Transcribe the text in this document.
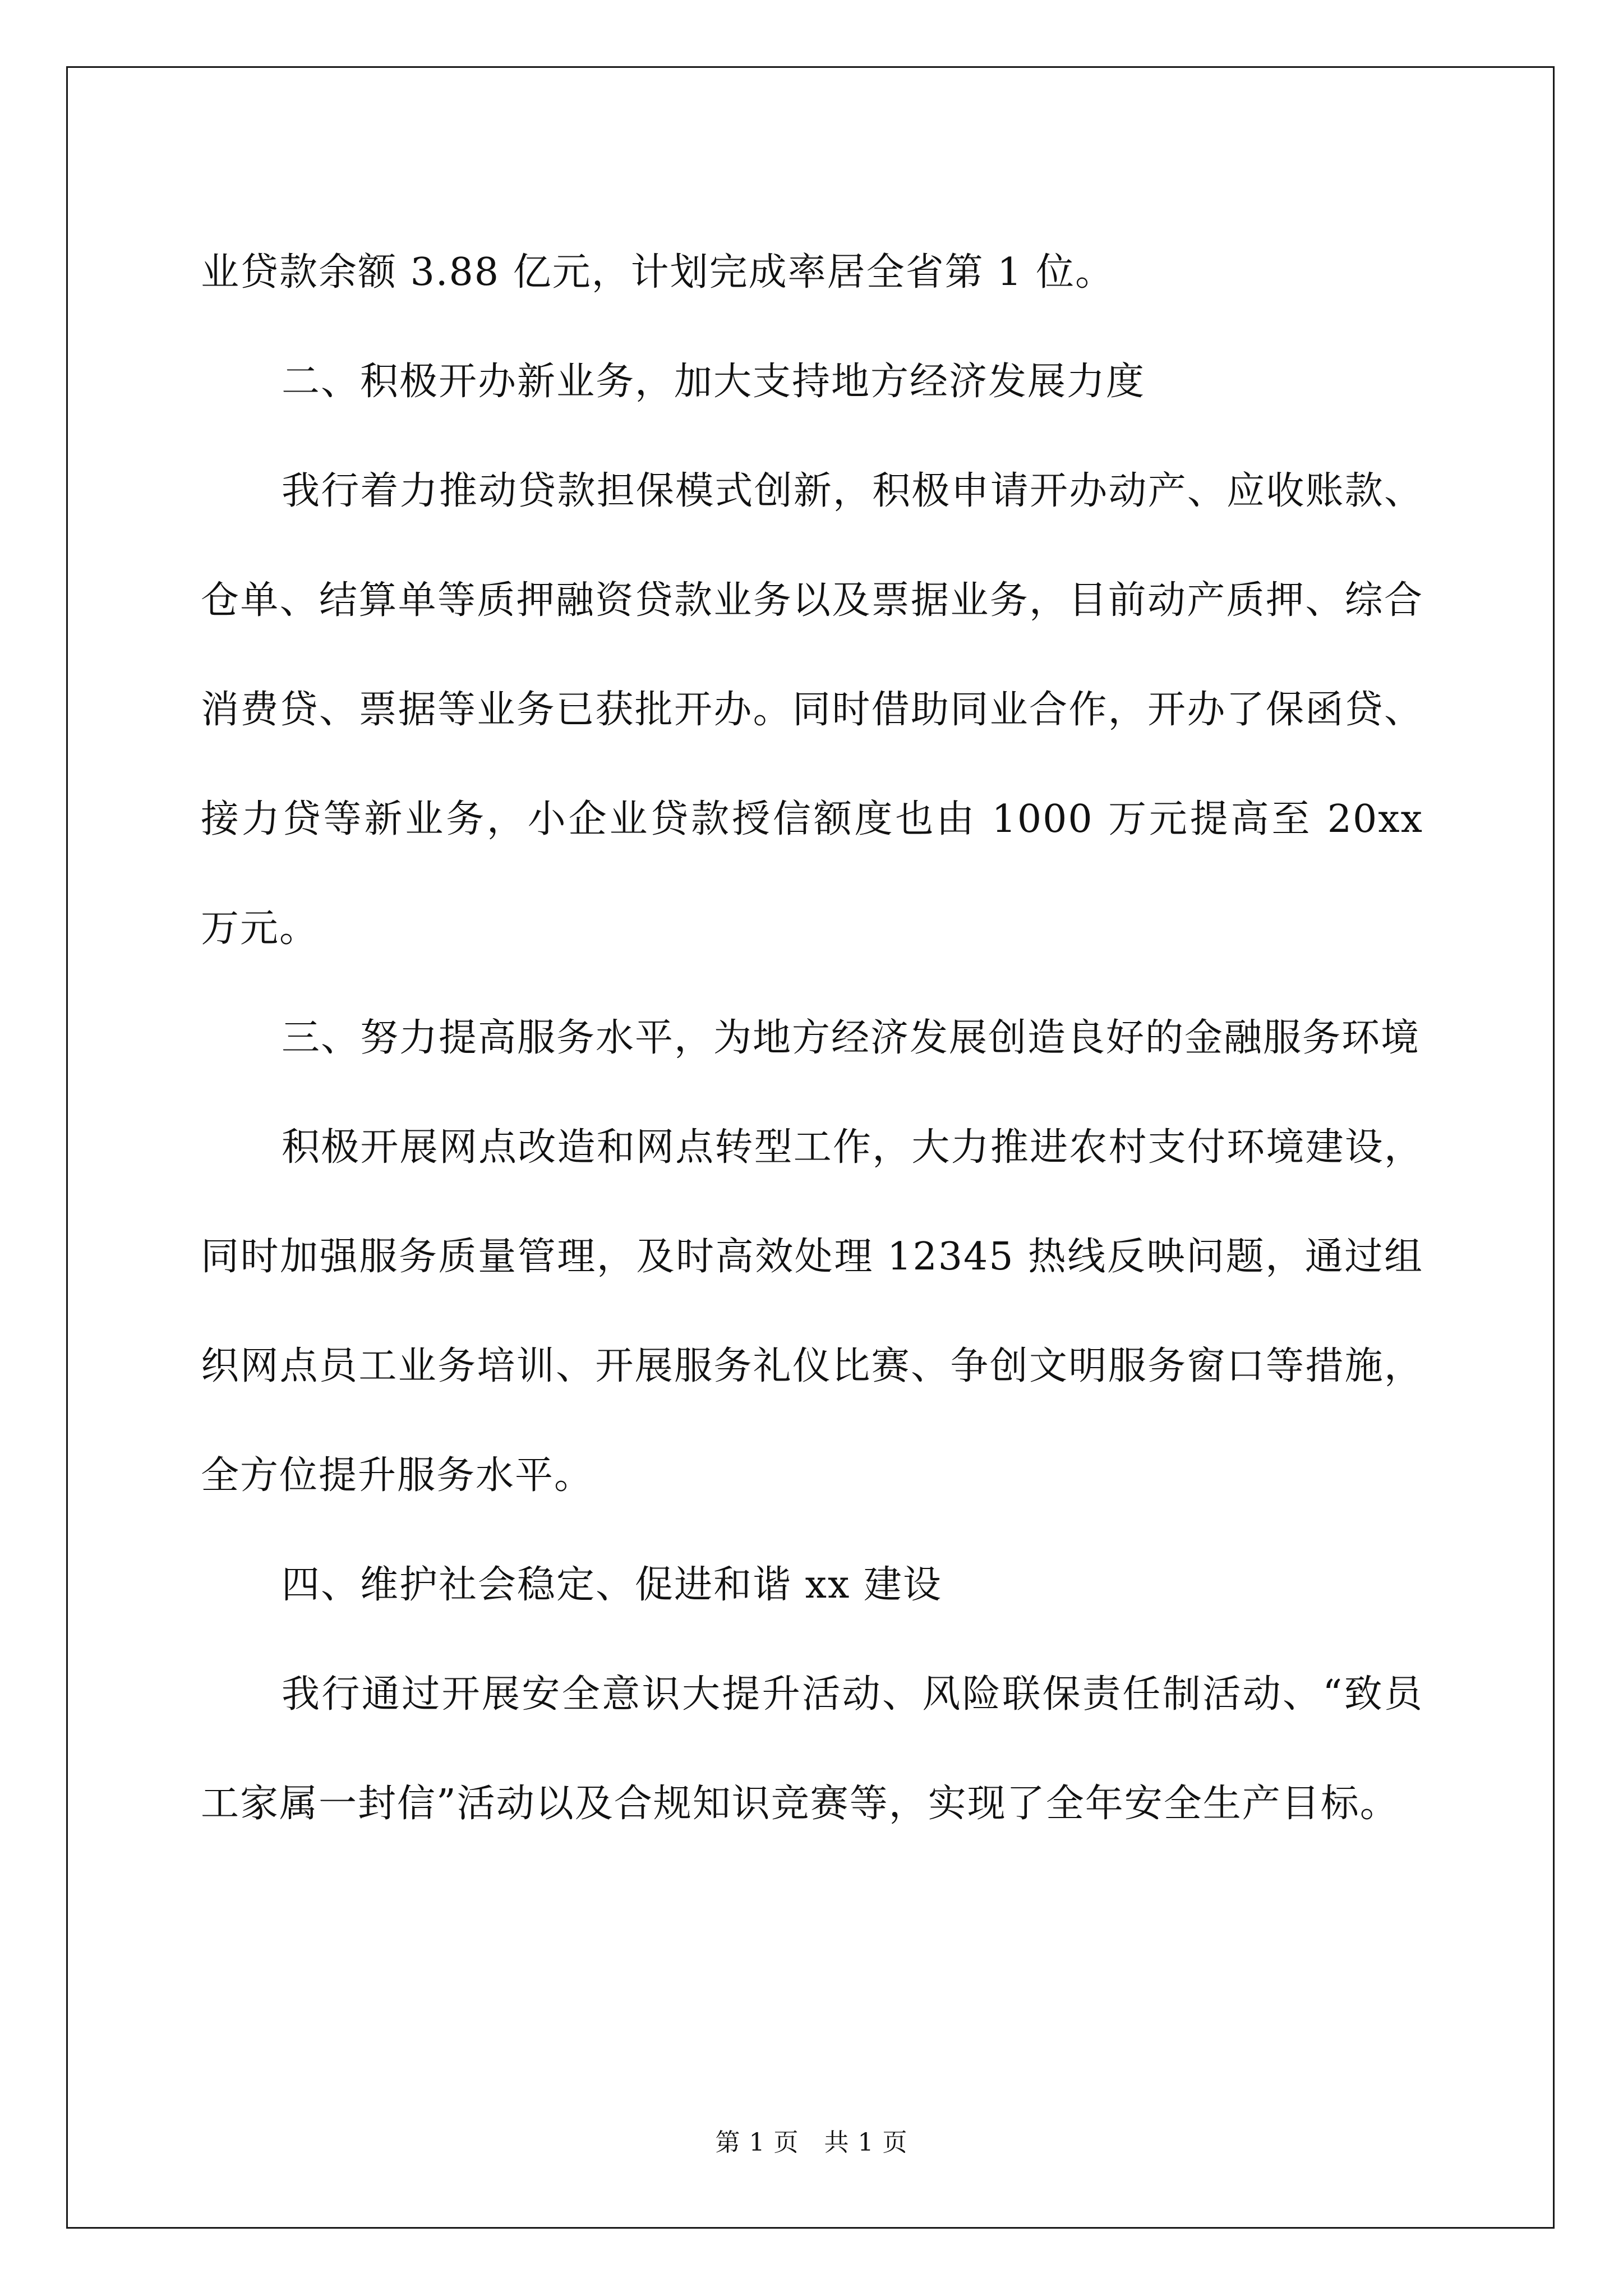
业贷款余额 3.88 亿元，计划完成率居全省第 1 位。

二、积极开办新业务，加大支持地方经济发展力度

我行着力推动贷款担保模式创新，积极申请开办动产、应收账款、仓单、结算单等质押融资贷款业务以及票据业务，目前动产质押、综合消费贷、票据等业务已获批开办。同时借助同业合作，开办了保函贷、接力贷等新业务，小企业贷款授信额度也由 1000 万元提高至 20xx 万元。

三、努力提高服务水平，为地方经济发展创造良好的金融服务环境

积极开展网点改造和网点转型工作，大力推进农村支付环境建设，同时加强服务质量管理，及时高效处理 12345 热线反映问题，通过组织网点员工业务培训、开展服务礼仪比赛、争创文明服务窗口等措施，全方位提升服务水平。

四、维护社会稳定、促进和谐 xx 建设

我行通过开展安全意识大提升活动、风险联保责任制活动、“致员工家属一封信”活动以及合规知识竞赛等，实现了全年安全生产目标。

第 1 页　共 1 页
